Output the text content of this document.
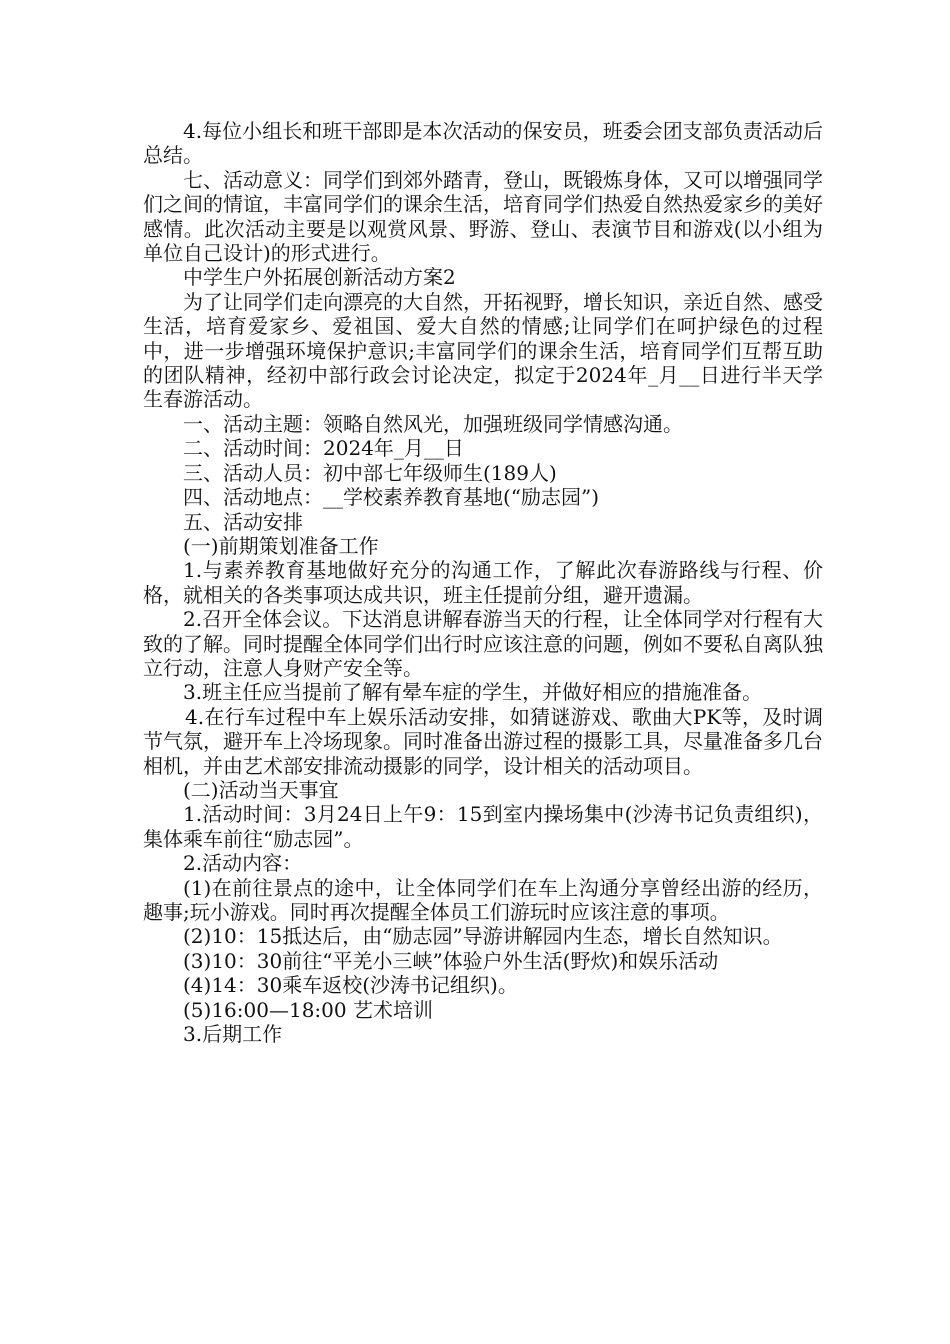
4.每位小组长和班干部即是本次活动的保安员，班委会团支部负责活动后总结。

七、活动意义：同学们到郊外踏青，登山，既锻炼身体，又可以增强同学们之间的情谊，丰富同学们的课余生活，培育同学们热爱自然热爱家乡的美好感情。此次活动主要是以观赏风景、野游、登山、表演节目和游戏(以小组为单位自己设计)的形式进行。

中学生户外拓展创新活动方案2

为了让同学们走向漂亮的大自然，开拓视野，增长知识，亲近自然、感受生活，培育爱家乡、爱祖国、爱大自然的情感;让同学们在呵护绿色的过程中，进一步增强环境保护意识;丰富同学们的课余生活，培育同学们互帮互助的团队精神，经初中部行政会讨论决定，拟定于2024年_月__日进行半天学生春游活动。

一、活动主题：领略自然风光，加强班级同学情感沟通。

二、活动时间：2024年_月__日

三、活动人员：初中部七年级师生(189人)

四、活动地点：__学校素养教育基地(“励志园”)

五、活动安排

(一)前期策划准备工作

1.与素养教育基地做好充分的沟通工作，了解此次春游路线与行程、价格，就相关的各类事项达成共识，班主任提前分组，避开遗漏。

2.召开全体会议。下达消息讲解春游当天的行程，让全体同学对行程有大致的了解。同时提醒全体同学们出行时应该注意的问题，例如不要私自离队独立行动，注意人身财产安全等。

3.班主任应当提前了解有晕车症的学生，并做好相应的措施准备。

4.在行车过程中车上娱乐活动安排，如猜谜游戏、歌曲大PK等，及时调节气氛，避开车上冷场现象。同时准备出游过程的摄影工具，尽量准备多几台相机，并由艺术部安排流动摄影的同学，设计相关的活动项目。

(二)活动当天事宜

1.活动时间：3月24日上午9：15到室内操场集中(沙涛书记负责组织)，集体乘车前往“励志园”。

2.活动内容：

(1)在前往景点的途中，让全体同学们在车上沟通分享曾经出游的经历，趣事;玩小游戏。同时再次提醒全体员工们游玩时应该注意的事项。

(2)10：15抵达后，由“励志园”导游讲解园内生态，增长自然知识。

(3)10：30前往“平羌小三峡”体验户外生活(野炊)和娱乐活动

(4)14：30乘车返校(沙涛书记组织)。

(5)16:00—18:00 艺术培训

3.后期工作
